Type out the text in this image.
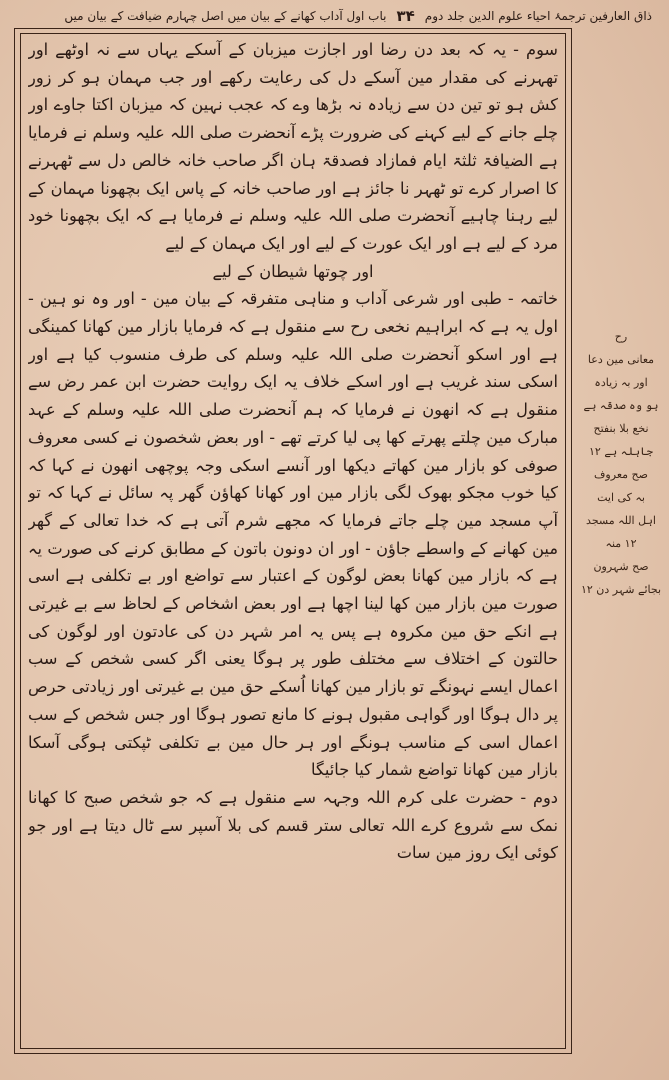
ذاق العارفین ترجمۂ احیاء علوم الدین جلد دوم
۳۴
باب اول آداب کھانے کے بیان میں اصل چہارم ضیافت کے بیان میں

سوم - یہ کہ بعد دن رضا اور اجازت میزبان کے آسکے یہاں سے نہ اوٹھے اور تھہرنے کی مقدار مین آسکے دل کی رعایت رکھے اور جب مہمان ہو کر زور کش ہو تو تین دن سے زیادہ نہ بڑھا وے کہ عجب نہین کہ میزبان اکتا جاوے اور چلے جانے کے لیے کہنے کی ضرورت پڑے آنحضرت صلی اللہ علیہ وسلم نے فرمایا ہے الضیافۃ ثلثۃ ایام فمازاد فصدقۃ ہان اگر صاحب خانہ خالص دل سے ٹھہرنے کا اصرار کرے تو ٹھہر نا جائز ہے اور صاحب خانہ کے پاس ایک بچھونا مہمان کے لیے رہنا چاہیے آنحضرت صلی اللہ علیہ وسلم نے فرمایا ہے کہ ایک بچھونا خود مرد کے لیے ہے اور ایک عورت کے لیے اور ایک مہمان کے لیے

اور چوتھا شیطان کے لیے

خاتمہ - طبی اور شرعی آداب و مناہی متفرقہ کے بیان مین - اور وہ نو ہین - اول یہ ہے کہ ابراہیم نخعی رح سے منقول ہے کہ فرمایا بازار مین کھانا کمینگی ہے اور اسکو آنحضرت صلی اللہ علیہ وسلم کی طرف منسوب کیا ہے اور اسکی سند غریب ہے اور اسکے خلاف یہ ایک روایت حضرت ابن عمر رض سے منقول ہے کہ انھون نے فرمایا کہ ہم آنحضرت صلی اللہ علیہ وسلم کے عہد مبارک مین چلتے پھرتے کھا پی لیا کرتے تھے - اور بعض شخصون نے کسی معروف صوفی کو بازار مین کھاتے دیکھا اور آنسے اسکی وجہ پوچھی انھون نے کہا کہ کیا خوب مجکو بھوک لگی بازار مین اور کھانا کھاؤن گھر پہ سائل نے کہا کہ تو آپ مسجد مین چلے جاتے فرمایا کہ مجھے شرم آتی ہے کہ خدا تعالی کے گھر مین کھانے کے واسطے جاؤن - اور ان دونون باتون کے مطابق کرنے کی صورت یہ ہے کہ بازار مین کھانا بعض لوگون کے اعتبار سے تواضع اور بے تکلفی ہے اسی صورت مین بازار مین کھا لینا اچھا ہے اور بعض اشخاص کے لحاظ سے بے غیرتی ہے انکے حق مین مکروہ ہے پس یہ امر شہر دن کی عادتون اور لوگون کی حالتون کے اختلاف سے مختلف طور پر ہوگا یعنی اگر کسی شخص کے سب اعمال ایسے نہونگے تو بازار مین کھانا اُسکے حق مین بے غیرتی اور زیادتی حرص پر دال ہوگا اور گواہی مقبول ہونے کا مانع تصور ہوگا اور جس شخص کے سب اعمال اسی کے مناسب ہونگے اور ہر حال مین بے تکلفی ٹپکتی ہوگی آسکا بازار مین کھانا تواضع شمار کیا جائیگا

دوم - حضرت علی کرم اللہ وجہہ سے منقول ہے کہ جو شخص صبح کا کھانا نمک سے شروع کرے اللہ تعالی ستر قسم کی بلا آسپر سے ٹال دیتا ہے اور جو کوئی ایک روز مین سات

رح
معانی مین دعا
اور بہ زیادہ
ہو وہ صدقہ ہے
نخع بلا بنفتح
جاہلہ ہے ۱۲
صح معروف
بہ کی ایت
اہل اللہ مسجد
۱۲ منہ
صح شہرون
بجائے شہر دن ۱۲
